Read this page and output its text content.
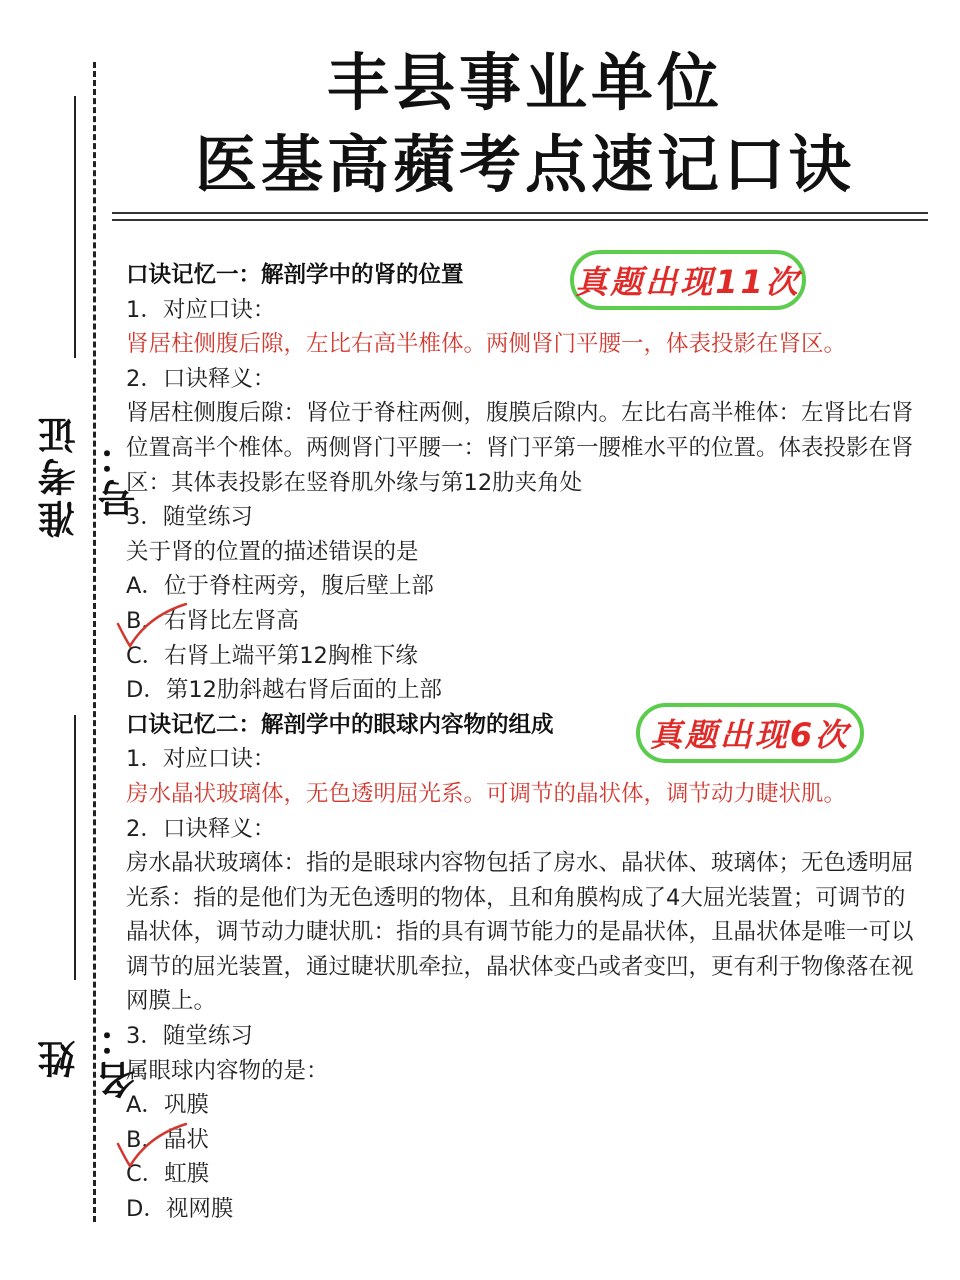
丰县事业单位
医基高蘋考点速记口诀
准考证号：
姓名：
口诀记忆一：解剖学中的肾的位置
1．对应口诀：
肾居柱侧腹后隙，左比右高半椎体。两侧肾门平腰一，体表投影在肾区。
2．口诀释义：
肾居柱侧腹后隙：肾位于脊柱两侧，腹膜后隙内。左比右高半椎体：左肾比右肾位置高半个椎体。两侧肾门平腰一：肾门平第一腰椎水平的位置。体表投影在肾区：其体表投影在竖脊肌外缘与第12肋夹角处
3．随堂练习
关于肾的位置的描述错误的是
A．位于脊柱两旁，腹后壁上部
B．右肾比左肾高
C．右肾上端平第12胸椎下缘
D．第12肋斜越右肾后面的上部
口诀记忆二：解剖学中的眼球内容物的组成
1．对应口诀：
房水晶状玻璃体，无色透明屈光系。可调节的晶状体，调节动力睫状肌。
2．口诀释义：
房水晶状玻璃体：指的是眼球内容物包括了房水、晶状体、玻璃体；无色透明屈光系：指的是他们为无色透明的物体，且和角膜构成了4大屈光装置；可调节的晶状体，调节动力睫状肌：指的具有调节能力的是晶状体，且晶状体是唯一可以调节的屈光装置，通过睫状肌牵拉，晶状体变凸或者变凹，更有利于物像落在视网膜上。
3．随堂练习
属眼球内容物的是：
A．巩膜
B．晶状
C．虹膜
D．视网膜
真题出现11次
真题出现6次
